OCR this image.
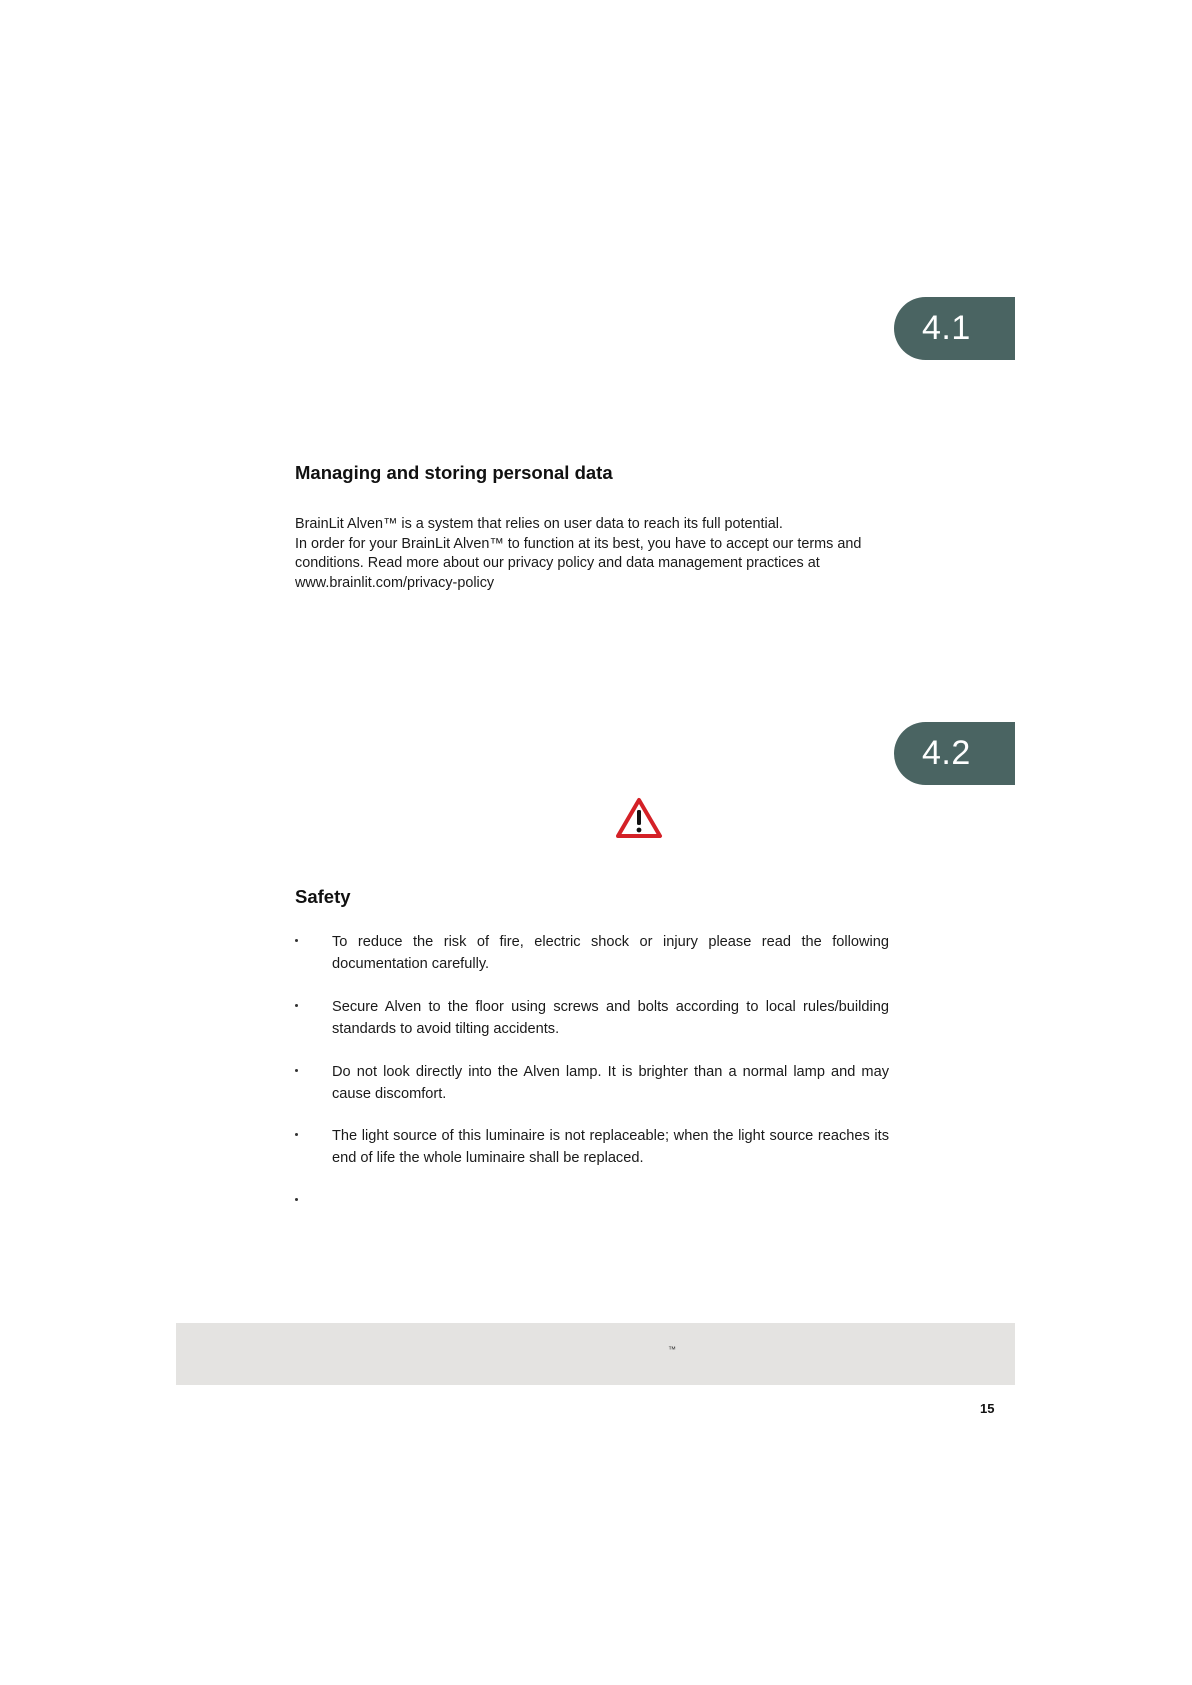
4.1
Managing and storing personal data
BrainLit Alven™ is a system that relies on user data to reach its full potential.
In order for your BrainLit Alven™ to function at its best, you have to accept our terms and
conditions. Read more about our privacy policy and data management practices at
www.brainlit.com/privacy-policy
4.2
Safety
To reduce the risk of fire, electric shock or injury please read the following documentation carefully.
Secure Alven to the floor using screws and bolts according to local rules/building standards to avoid tilting accidents.
Do not look directly into the Alven lamp. It is brighter than a normal lamp and may cause discomfort.
The light source of this luminaire is not replaceable; when the light source reaches its end of life the whole luminaire shall be replaced.
™
15
